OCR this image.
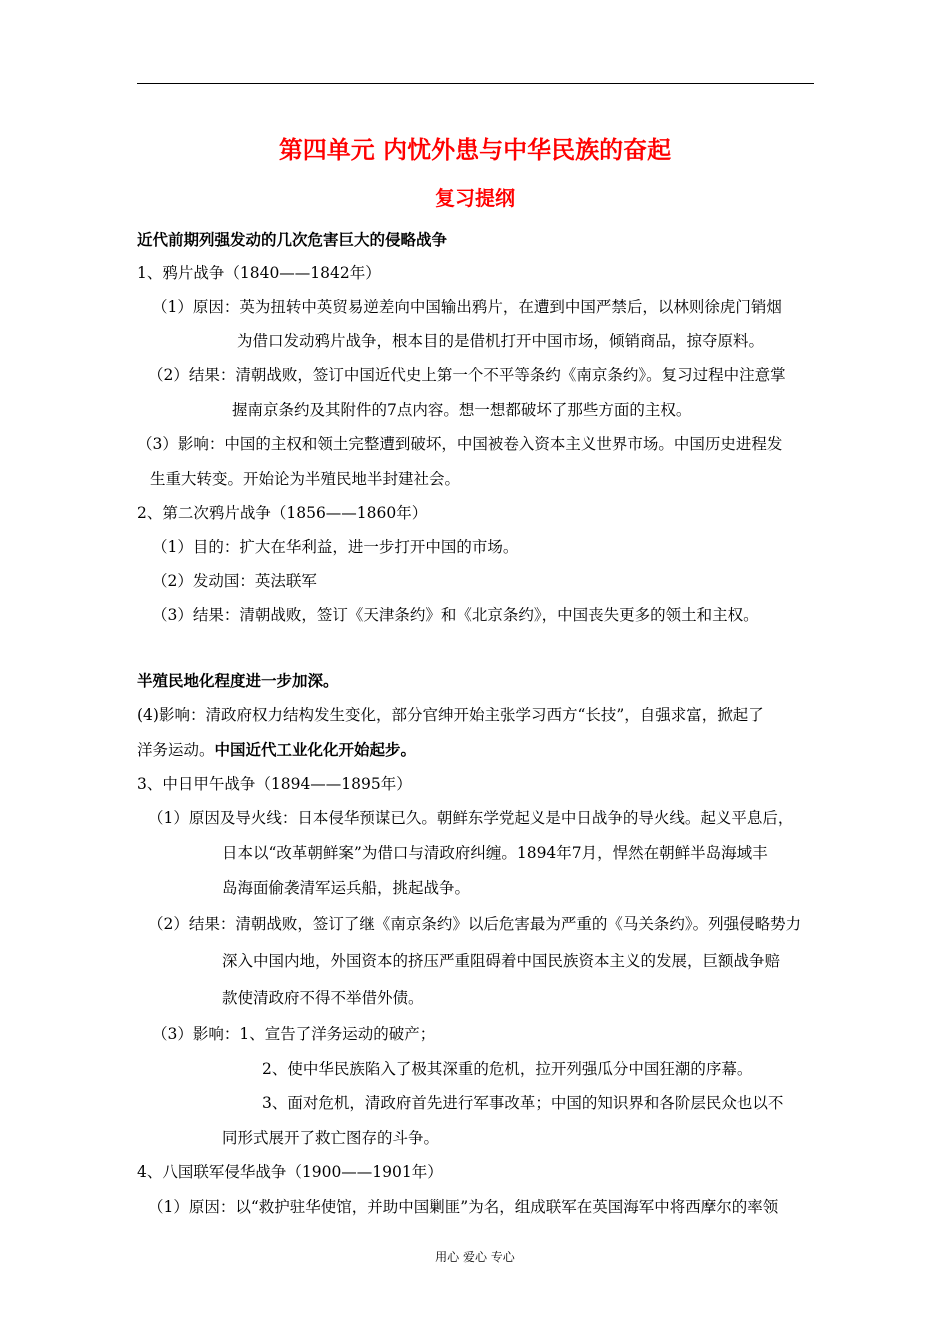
第四单元 内忧外患与中华民族的奋起
复习提纲
近代前期列强发动的几次危害巨大的侵略战争
1、鸦片战争（1840——1842年）
（1）原因：英为扭转中英贸易逆差向中国输出鸦片，在遭到中国严禁后，以林则徐虎门销烟
为借口发动鸦片战争，根本目的是借机打开中国市场，倾销商品，掠夺原料。
（2）结果：清朝战败，签订中国近代史上第一个不平等条约《南京条约》。复习过程中注意掌
握南京条约及其附件的7点内容。想一想都破坏了那些方面的主权。
（3）影响：中国的主权和领土完整遭到破坏，中国被卷入资本主义世界市场。中国历史进程发
生重大转变。开始论为半殖民地半封建社会。
2、第二次鸦片战争（1856——1860年）
（1）目的：扩大在华利益，进一步打开中国的市场。
（2）发动国：英法联军
（3）结果：清朝战败，签订《天津条约》和《北京条约》，中国丧失更多的领土和主权。
半殖民地化程度进一步加深。
(4)影响：清政府权力结构发生变化，部分官绅开始主张学习西方“长技”，自强求富，掀起了
洋务运动。中国近代工业化化开始起步。
3、中日甲午战争（1894——1895年）
（1）原因及导火线：日本侵华预谋已久。朝鲜东学党起义是中日战争的导火线。起义平息后，
日本以“改革朝鲜案”为借口与清政府纠缠。1894年7月，悍然在朝鲜半岛海域丰
岛海面偷袭清军运兵船，挑起战争。
（2）结果：清朝战败，签订了继《南京条约》以后危害最为严重的《马关条约》。列强侵略势力
深入中国内地，外国资本的挤压严重阻碍着中国民族资本主义的发展，巨额战争赔
款使清政府不得不举借外债。
（3）影响：1、宣告了洋务运动的破产；
2、使中华民族陷入了极其深重的危机，拉开列强瓜分中国狂潮的序幕。
3、面对危机，清政府首先进行军事改革；中国的知识界和各阶层民众也以不
同形式展开了救亡图存的斗争。
4、八国联军侵华战争（1900——1901年）
（1）原因：以“救护驻华使馆，并助中国剿匪”为名，组成联军在英国海军中将西摩尔的率领
用心 爱心 专心
